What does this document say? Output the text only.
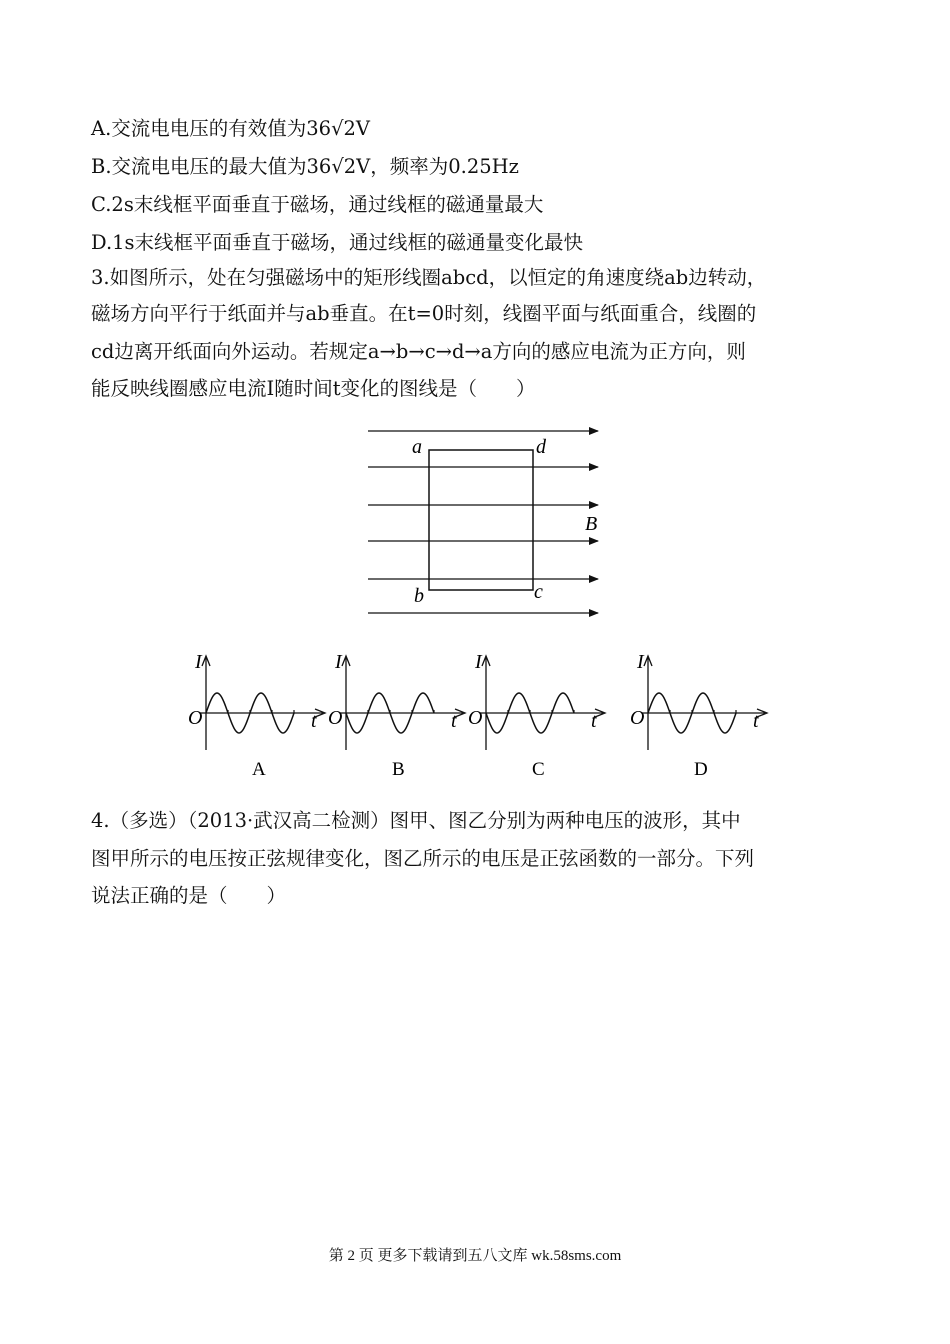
A.交流电电压的有效值为36√2V
B.交流电电压的最大值为36√2V，频率为0.25Hz
C.2s末线框平面垂直于磁场，通过线框的磁通量最大
D.1s末线框平面垂直于磁场，通过线框的磁通量变化最快
3.如图所示，处在匀强磁场中的矩形线圈abcd，以恒定的角速度绕ab边转动，
磁场方向平行于纸面并与ab垂直。在t=0时刻，线圈平面与纸面重合，线圈的
cd边离开纸面向外运动。若规定a→b→c→d→a方向的感应电流为正方向，则
能反映线圈感应电流I随时间t变化的图线是（　　）
a	d
b	c
B
I
t
O
A
I
t
O
B
I
t
O
C
I
t
O
D
4.（多选）（2013·武汉高二检测）图甲、图乙分别为两种电压的波形，其中
图甲所示的电压按正弦规律变化，图乙所示的电压是正弦函数的一部分。下列
说法正确的是（　　）
第 2 页 更多下载请到五八文库 wk.58sms.com
